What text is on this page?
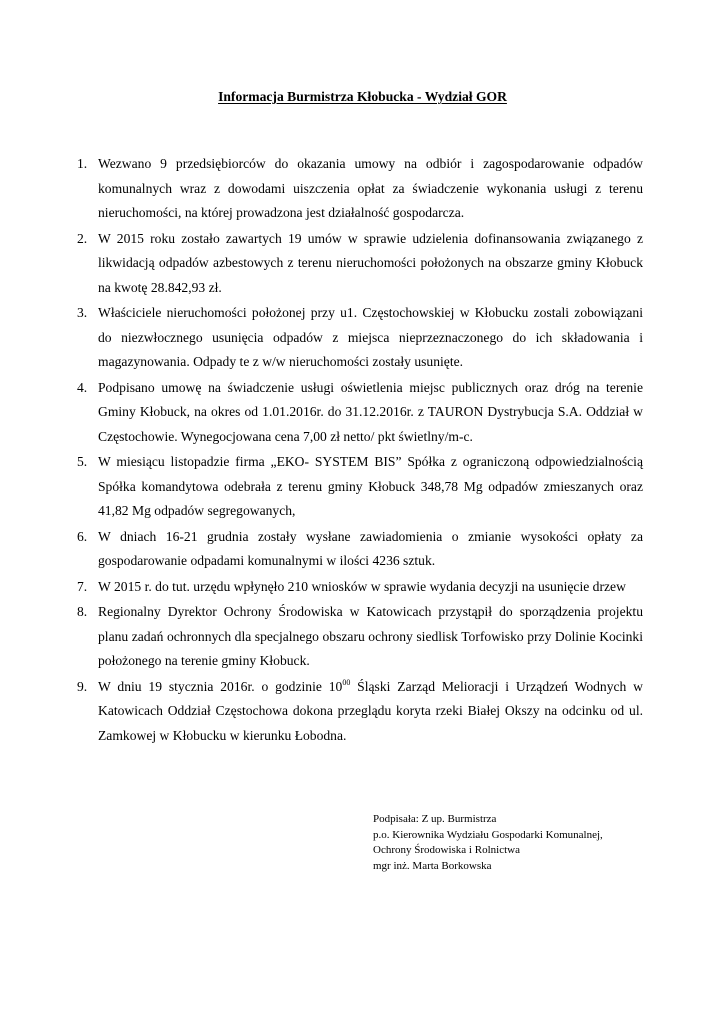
Informacja Burmistrza Kłobucka - Wydział GOR
1. Wezwano 9 przedsiębiorców do okazania umowy na odbiór i zagospodarowanie odpadów komunalnych wraz z dowodami uiszczenia opłat za świadczenie wykonania usługi z terenu nieruchomości, na której prowadzona jest działalność gospodarcza.
2. W 2015 roku zostało zawartych 19 umów w sprawie udzielenia dofinansowania związanego z likwidacją odpadów azbestowych z terenu nieruchomości położonych na obszarze gminy Kłobuck na kwotę 28.842,93 zł.
3. Właściciele nieruchomości położonej przy u1. Częstochowskiej w Kłobucku zostali zobowiązani do niezwłocznego usunięcia odpadów z miejsca nieprzeznaczonego do ich składowania i magazynowania. Odpady te z w/w nieruchomości zostały usunięte.
4. Podpisano umowę na świadczenie usługi oświetlenia miejsc publicznych oraz dróg na terenie Gminy Kłobuck, na okres od 1.01.2016r. do 31.12.2016r. z TAURON Dystrybucja S.A. Oddział w Częstochowie. Wynegocjowana cena 7,00 zł netto/ pkt świetlny/m-c.
5. W miesiącu listopadzie firma „EKO- SYSTEM BIS” Spółka z ograniczoną odpowiedzialnością Spółka komandytowa odebrała z terenu gminy Kłobuck 348,78 Mg odpadów zmieszanych oraz 41,82 Mg odpadów segregowanych,
6. W dniach 16-21 grudnia zostały wysłane zawiadomienia o zmianie wysokości opłaty za gospodarowanie odpadami komunalnymi w ilości 4236 sztuk.
7. W 2015 r. do tut. urzędu wpłynęło 210 wniosków w sprawie wydania decyzji na usunięcie drzew
8. Regionalny Dyrektor Ochrony Środowiska w Katowicach przystąpił do sporządzenia projektu planu zadań ochronnych dla specjalnego obszaru ochrony siedlisk Torfowisko przy Dolinie Kocinki położonego na terenie gminy Kłobuck.
9. W dniu 19 stycznia 2016r. o godzinie $10^{00}$ Śląski Zarząd Melioracji i Urządzeń Wodnych w Katowicach Oddział Częstochowa dokona przeglądu koryta rzeki Białej Okszy na odcinku od ul. Zamkowej w Kłobucku w kierunku Łobodna.
Podpisała: Z up. Burmistrza
p.o. Kierownika Wydziału Gospodarki Komunalnej,
Ochrony Środowiska i Rolnictwa
mgr inż. Marta Borkowska
